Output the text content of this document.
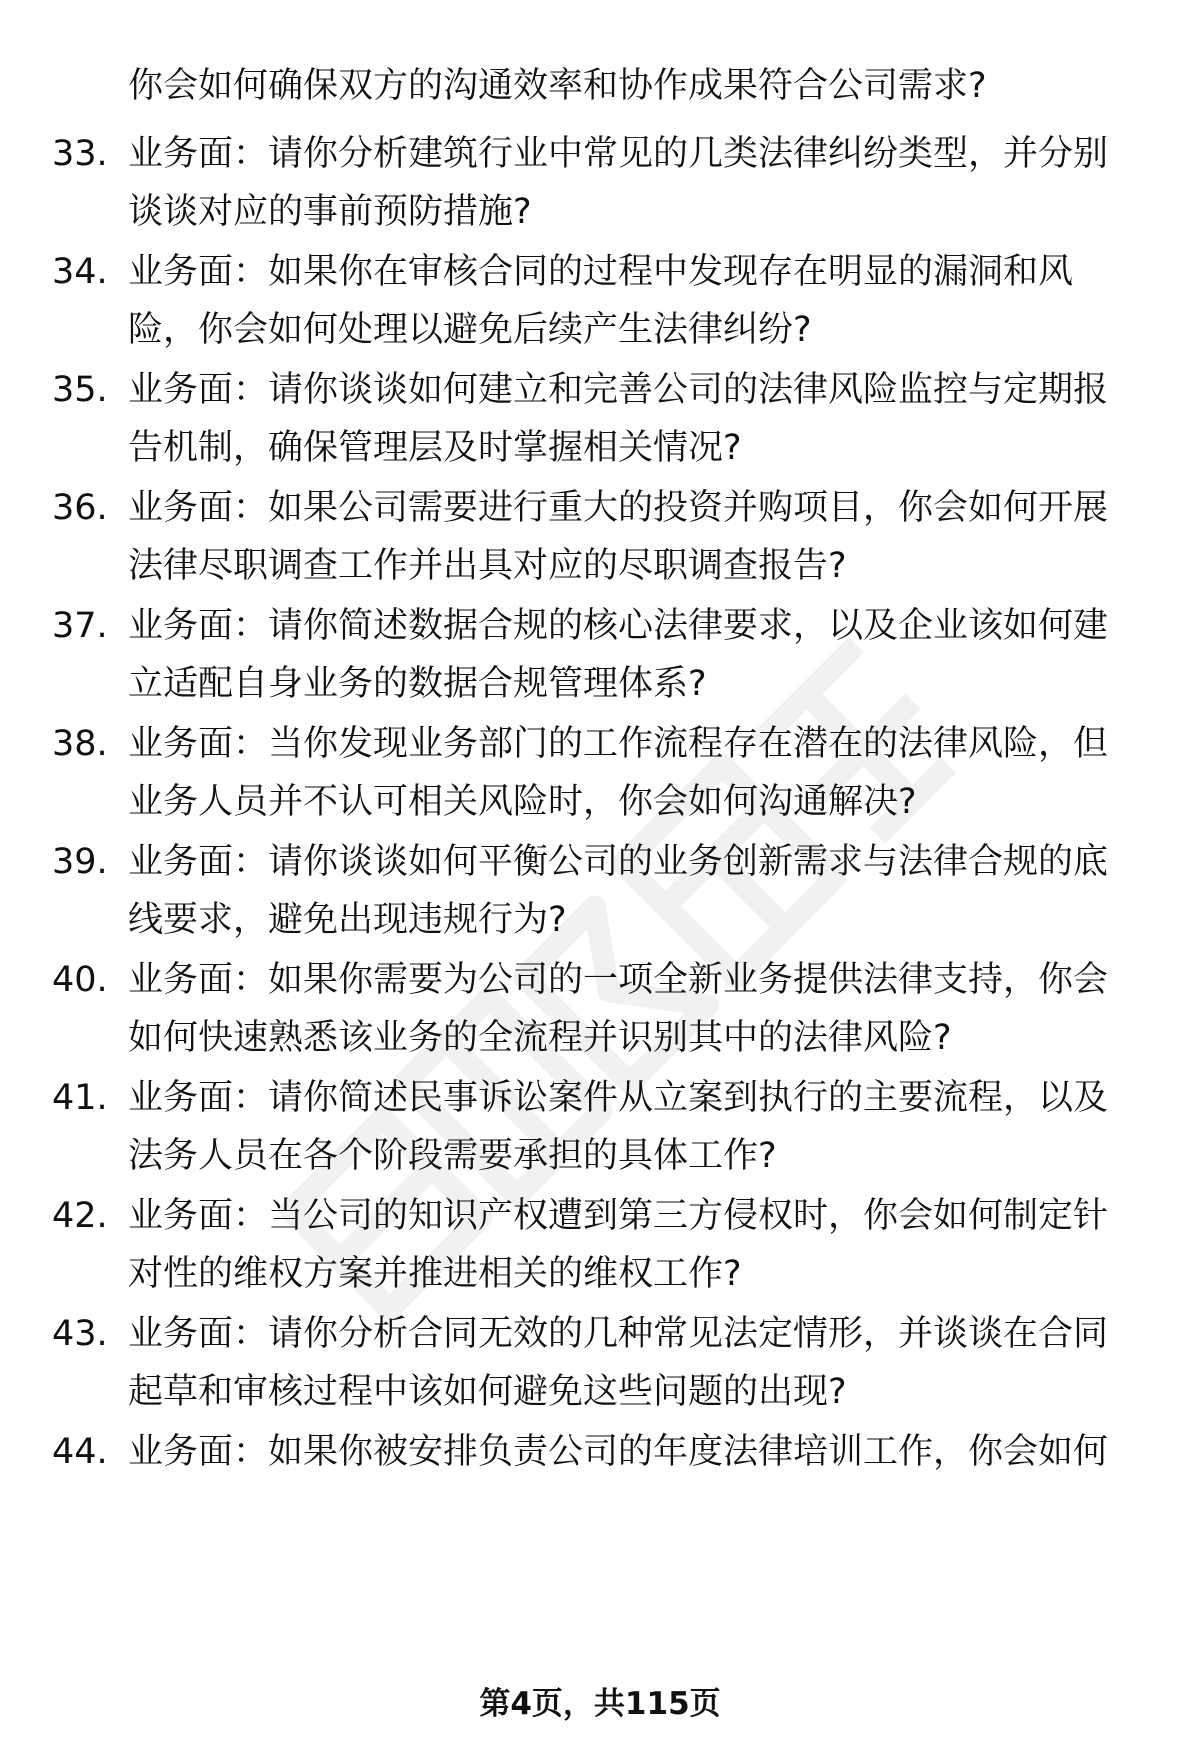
你会如何确保双方的沟通效率和协作成果符合公司需求?
33. 业务面：请你分析建筑行业中常见的几类法律纠纷类型，并分别
谈谈对应的事前预防措施?
34. 业务面：如果你在审核合同的过程中发现存在明显的漏洞和风
险，你会如何处理以避免后续产生法律纠纷?
35. 业务面：请你谈谈如何建立和完善公司的法律风险监控与定期报
告机制，确保管理层及时掌握相关情况?
36. 业务面：如果公司需要进行重大的投资并购项目，你会如何开展
法律尽职调查工作并出具对应的尽职调查报告?
37. 业务面：请你简述数据合规的核心法律要求，以及企业该如何建
立适配自身业务的数据合规管理体系?
38. 业务面：当你发现业务部门的工作流程存在潜在的法律风险，但
业务人员并不认可相关风险时，你会如何沟通解决?
39. 业务面：请你谈谈如何平衡公司的业务创新需求与法律合规的底
线要求，避免出现违规行为?
40. 业务面：如果你需要为公司的一项全新业务提供法律支持，你会
如何快速熟悉该业务的全流程并识别其中的法律风险?
41. 业务面：请你简述民事诉讼案件从立案到执行的主要流程，以及
法务人员在各个阶段需要承担的具体工作?
42. 业务面：当公司的知识产权遭到第三方侵权时，你会如何制定针
对性的维权方案并推进相关的维权工作?
43. 业务面：请你分析合同无效的几种常见法定情形，并谈谈在合同
起草和审核过程中该如何避免这些问题的出现?
44. 业务面：如果你被安排负责公司的年度法律培训工作，你会如何
第4页，共115页
